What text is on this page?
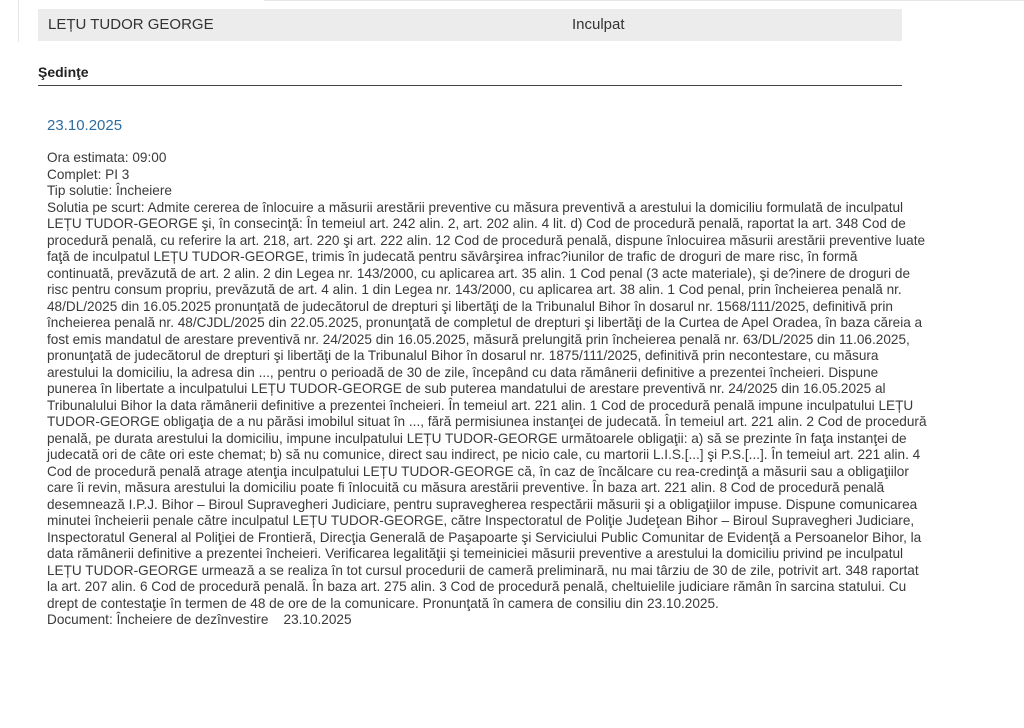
LEȚU TUDOR GEORGE	Inculpat
Şedinţe
23.10.2025
Ora estimata: 09:00
Complet: PI 3
Tip solutie: Încheiere
Solutia pe scurt: Admite cererea de înlocuire a măsurii arestării preventive cu măsura preventivă a arestului la domiciliu formulată de inculpatul LEȚU TUDOR-GEORGE şi, în consecinţă: În temeiul art. 242 alin. 2, art. 202 alin. 4 lit. d) Cod de procedură penală, raportat la art. 348 Cod de procedură penală, cu referire la art. 218, art. 220 şi art. 222 alin. 12 Cod de procedură penală, dispune înlocuirea măsurii arestării preventive luate faţă de inculpatul LEȚU TUDOR-GEORGE, trimis în judecată pentru săvârşirea infrac?iunilor de trafic de droguri de mare risc, în formă continuată, prevăzută de art. 2 alin. 2 din Legea nr. 143/2000, cu aplicarea art. 35 alin. 1 Cod penal (3 acte materiale), şi de?inere de droguri de risc pentru consum propriu, prevăzută de art. 4 alin. 1 din Legea nr. 143/2000, cu aplicarea art. 38 alin. 1 Cod penal, prin încheierea penală nr. 48/DL/2025 din 16.05.2025 pronunţată de judecătorul de drepturi şi libertăţi de la Tribunalul Bihor în dosarul nr. 1568/111/2025, definitivă prin încheierea penală nr. 48/CJDL/2025 din 22.05.2025, pronunţată de completul de drepturi şi libertăţi de la Curtea de Apel Oradea, în baza căreia a fost emis mandatul de arestare preventivă nr. 24/2025 din 16.05.2025, măsură prelungită prin încheierea penală nr. 63/DL/2025 din 11.06.2025, pronunţată de judecătorul de drepturi şi libertăţi de la Tribunalul Bihor în dosarul nr. 1875/111/2025, definitivă prin necontestare, cu măsura arestului la domiciliu, la adresa din ..., pentru o perioadă de 30 de zile, începând cu data rămânerii definitive a prezentei încheieri. Dispune punerea în libertate a inculpatului LEȚU TUDOR-GEORGE de sub puterea mandatului de arestare preventivă nr. 24/2025 din 16.05.2025 al Tribunalului Bihor la data rămânerii definitive a prezentei încheieri. În temeiul art. 221 alin. 1 Cod de procedură penală impune inculpatului LEȚU TUDOR-GEORGE obligaţia de a nu părăsi imobilul situat în ..., fără permisiunea instanţei de judecată. În temeiul art. 221 alin. 2 Cod de procedură penală, pe durata arestului la domiciliu, impune inculpatului LEȚU TUDOR-GEORGE următoarele obligaţii: a) să se prezinte în faţa instanţei de judecată ori de câte ori este chemat; b) să nu comunice, direct sau indirect, pe nicio cale, cu martorii L.I.S.[...] şi P.S.[...]. În temeiul art. 221 alin. 4 Cod de procedură penală atrage atenţia inculpatului LEȚU TUDOR-GEORGE că, în caz de încălcare cu rea-credinţă a măsurii sau a obligaţiilor care îi revin, măsura arestului la domiciliu poate fi înlocuită cu măsura arestării preventive. În baza art. 221 alin. 8 Cod de procedură penală desemnează I.P.J. Bihor – Biroul Supravegheri Judiciare, pentru supravegherea respectării măsurii şi a obligaţiilor impuse. Dispune comunicarea minutei încheierii penale către inculpatul LEȚU TUDOR-GEORGE, către Inspectoratul de Poliţie Judeţean Bihor – Biroul Supravegheri Judiciare, Inspectoratul General al Poliţiei de Frontieră, Direcţia Generală de Paşapoarte şi Serviciului Public Comunitar de Evidenţă a Persoanelor Bihor, la data rămânerii definitive a prezentei încheieri. Verificarea legalităţii şi temeiniciei măsurii preventive a arestului la domiciliu privind pe inculpatul LEȚU TUDOR-GEORGE urmează a se realiza în tot cursul procedurii de cameră preliminară, nu mai târziu de 30 de zile, potrivit art. 348 raportat la art. 207 alin. 6 Cod de procedură penală. În baza art. 275 alin. 3 Cod de procedură penală, cheltuielile judiciare rămân în sarcina statului. Cu drept de contestaţie în termen de 48 de ore de la comunicare. Pronunţată în camera de consiliu din 23.10.2025.
Document: Încheiere de dezînvestire 23.10.2025
